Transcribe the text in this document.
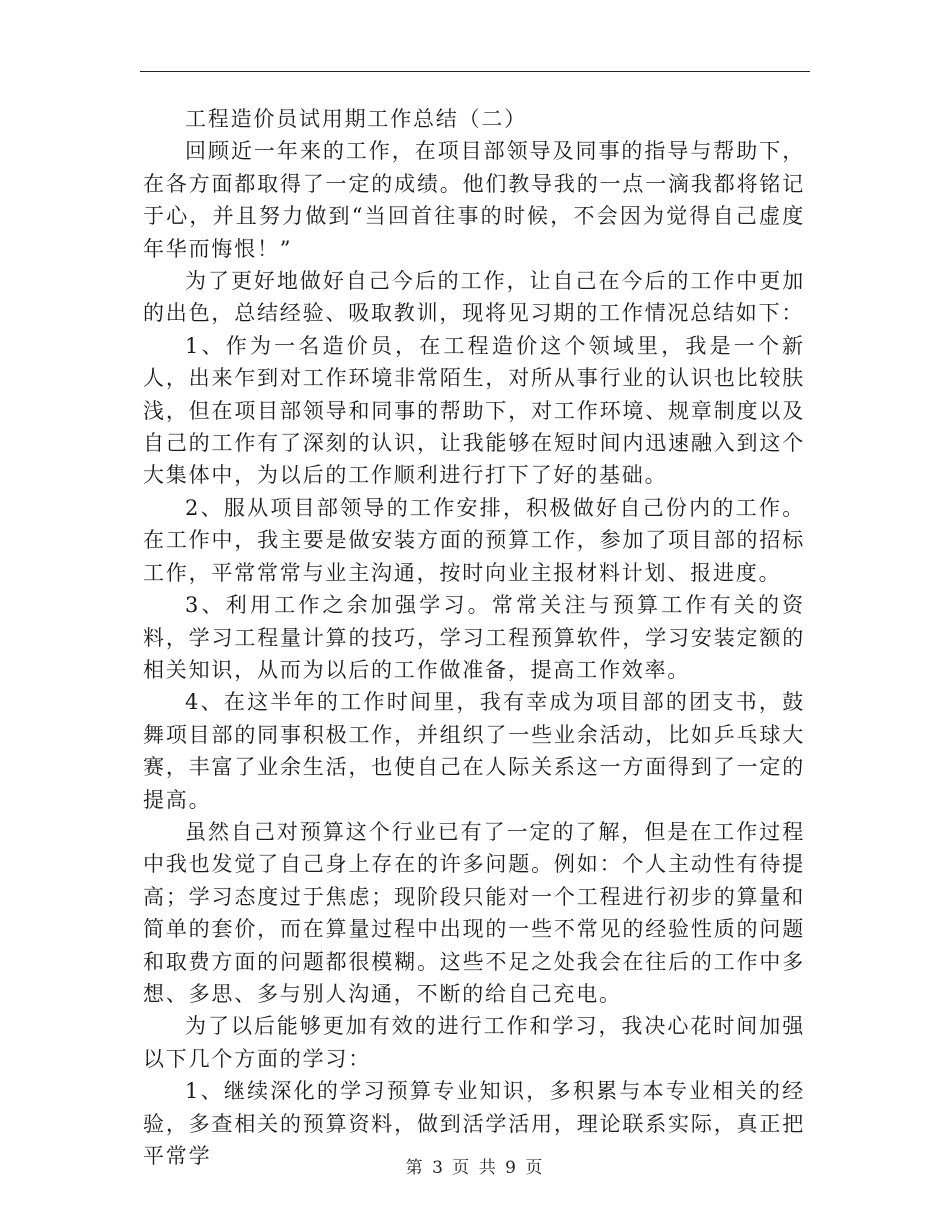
工程造价员试用期工作总结（二）

回顾近一年来的工作，在项目部领导及同事的指导与帮助下，在各方面都取得了一定的成绩。他们教导我的一点一滴我都将铭记于心，并且努力做到“当回首往事的时候，不会因为觉得自己虚度年华而悔恨！”

为了更好地做好自己今后的工作，让自己在今后的工作中更加的出色，总结经验、吸取教训，现将见习期的工作情况总结如下：

1、作为一名造价员，在工程造价这个领域里，我是一个新人，出来乍到对工作环境非常陌生，对所从事行业的认识也比较肤浅，但在项目部领导和同事的帮助下，对工作环境、规章制度以及自己的工作有了深刻的认识，让我能够在短时间内迅速融入到这个大集体中，为以后的工作顺利进行打下了好的基础。

2、服从项目部领导的工作安排，积极做好自己份内的工作。在工作中，我主要是做安装方面的预算工作，参加了项目部的招标工作，平常常常与业主沟通，按时向业主报材料计划、报进度。

3、利用工作之余加强学习。常常关注与预算工作有关的资料，学习工程量计算的技巧，学习工程预算软件，学习安装定额的相关知识，从而为以后的工作做准备，提高工作效率。

4、在这半年的工作时间里，我有幸成为项目部的团支书，鼓舞项目部的同事积极工作，并组织了一些业余活动，比如乒乓球大赛，丰富了业余生活，也使自己在人际关系这一方面得到了一定的提高。

虽然自己对预算这个行业已有了一定的了解，但是在工作过程中我也发觉了自己身上存在的许多问题。例如：个人主动性有待提高；学习态度过于焦虑；现阶段只能对一个工程进行初步的算量和简单的套价，而在算量过程中出现的一些不常见的经验性质的问题和取费方面的问题都很模糊。这些不足之处我会在往后的工作中多想、多思、多与别人沟通，不断的给自己充电。

为了以后能够更加有效的进行工作和学习，我决心花时间加强以下几个方面的学习：

1、继续深化的学习预算专业知识，多积累与本专业相关的经验，多查相关的预算资料，做到活学活用，理论联系实际，真正把平常学	第 3 页 共 9 页
